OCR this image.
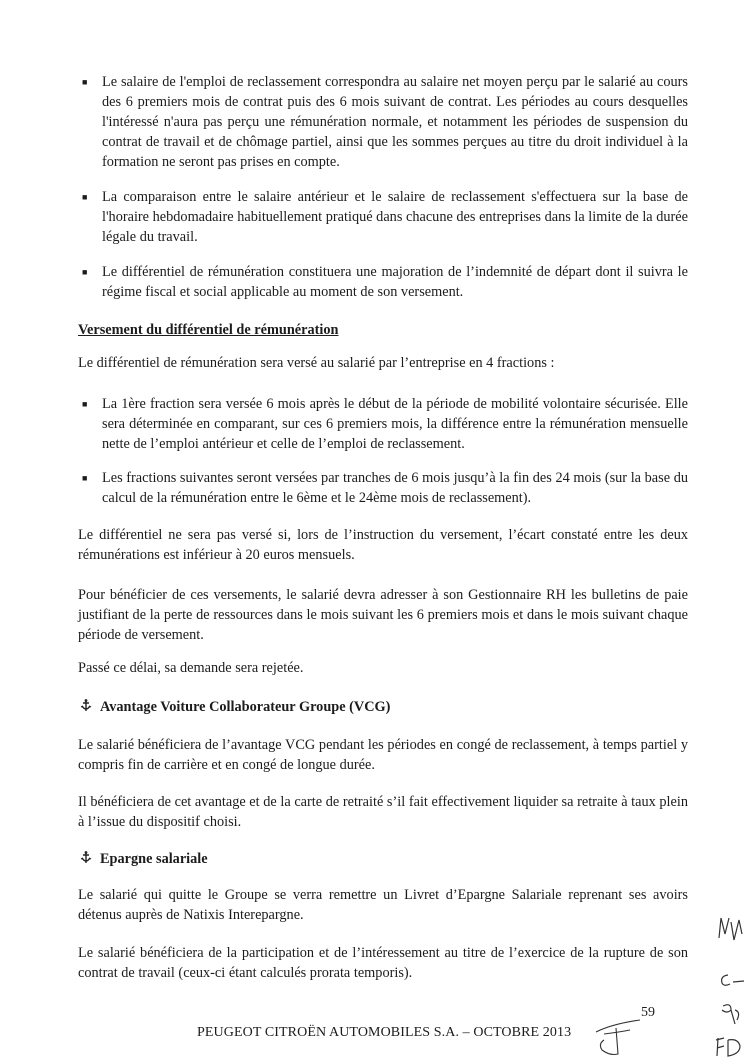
■ Le salaire de l'emploi de reclassement correspondra au salaire net moyen perçu par le salarié au cours des 6 premiers mois de contrat puis des 6 mois suivant de contrat. Les périodes au cours desquelles l'intéressé n'aura pas perçu une rémunération normale, et notamment les périodes de suspension du contrat de travail et de chômage partiel, ainsi que les sommes perçues au titre du droit individuel à la formation ne seront pas prises en compte.

■ La comparaison entre le salaire antérieur et le salaire de reclassement s'effectuera sur la base de l'horaire hebdomadaire habituellement pratiqué dans chacune des entreprises dans la limite de la durée légale du travail.

■ Le différentiel de rémunération constituera une majoration de l’indemnité de départ dont il suivra le régime fiscal et social applicable au moment de son versement.

Versement du différentiel de rémunération

Le différentiel de rémunération sera versé au salarié par l’entreprise en 4 fractions :

■ La 1ère fraction sera versée 6 mois après le début de la période de mobilité volontaire sécurisée. Elle sera déterminée en comparant, sur ces 6 premiers mois, la différence entre la rémunération mensuelle nette de l’emploi antérieur et celle de l’emploi de reclassement.

■ Les fractions suivantes seront versées par tranches de 6 mois jusqu’à la fin des 24 mois (sur la base du calcul de la rémunération entre le 6ème et le 24ème mois de reclassement).

Le différentiel ne sera pas versé si, lors de l’instruction du versement, l’écart constaté entre les deux rémunérations est inférieur à 20 euros mensuels.

Pour bénéficier de ces versements, le salarié devra adresser à son Gestionnaire RH les bulletins de paie justifiant de la perte de ressources dans le mois suivant les 6 premiers mois et dans le mois suivant chaque période de versement.

Passé ce délai, sa demande sera rejetée.

Avantage Voiture Collaborateur Groupe (VCG)

Le salarié bénéficiera de l’avantage VCG pendant les périodes en congé de reclassement, à temps partiel y compris fin de carrière et en congé de longue durée.

Il bénéficiera de cet avantage et de la carte de retraité s’il fait effectivement liquider sa retraite à taux plein à l’issue du dispositif choisi.

Epargne salariale

Le salarié qui quitte le Groupe se verra remettre un Livret d’Epargne Salariale reprenant ses avoirs détenus auprès de Natixis Interepargne.

Le salarié bénéficiera de la participation et de l’intéressement au titre de l’exercice de la rupture de son contrat de travail (ceux-ci étant calculés prorata temporis).

59
PEUGEOT CITROËN AUTOMOBILES S.A. – OCTOBRE 2013
